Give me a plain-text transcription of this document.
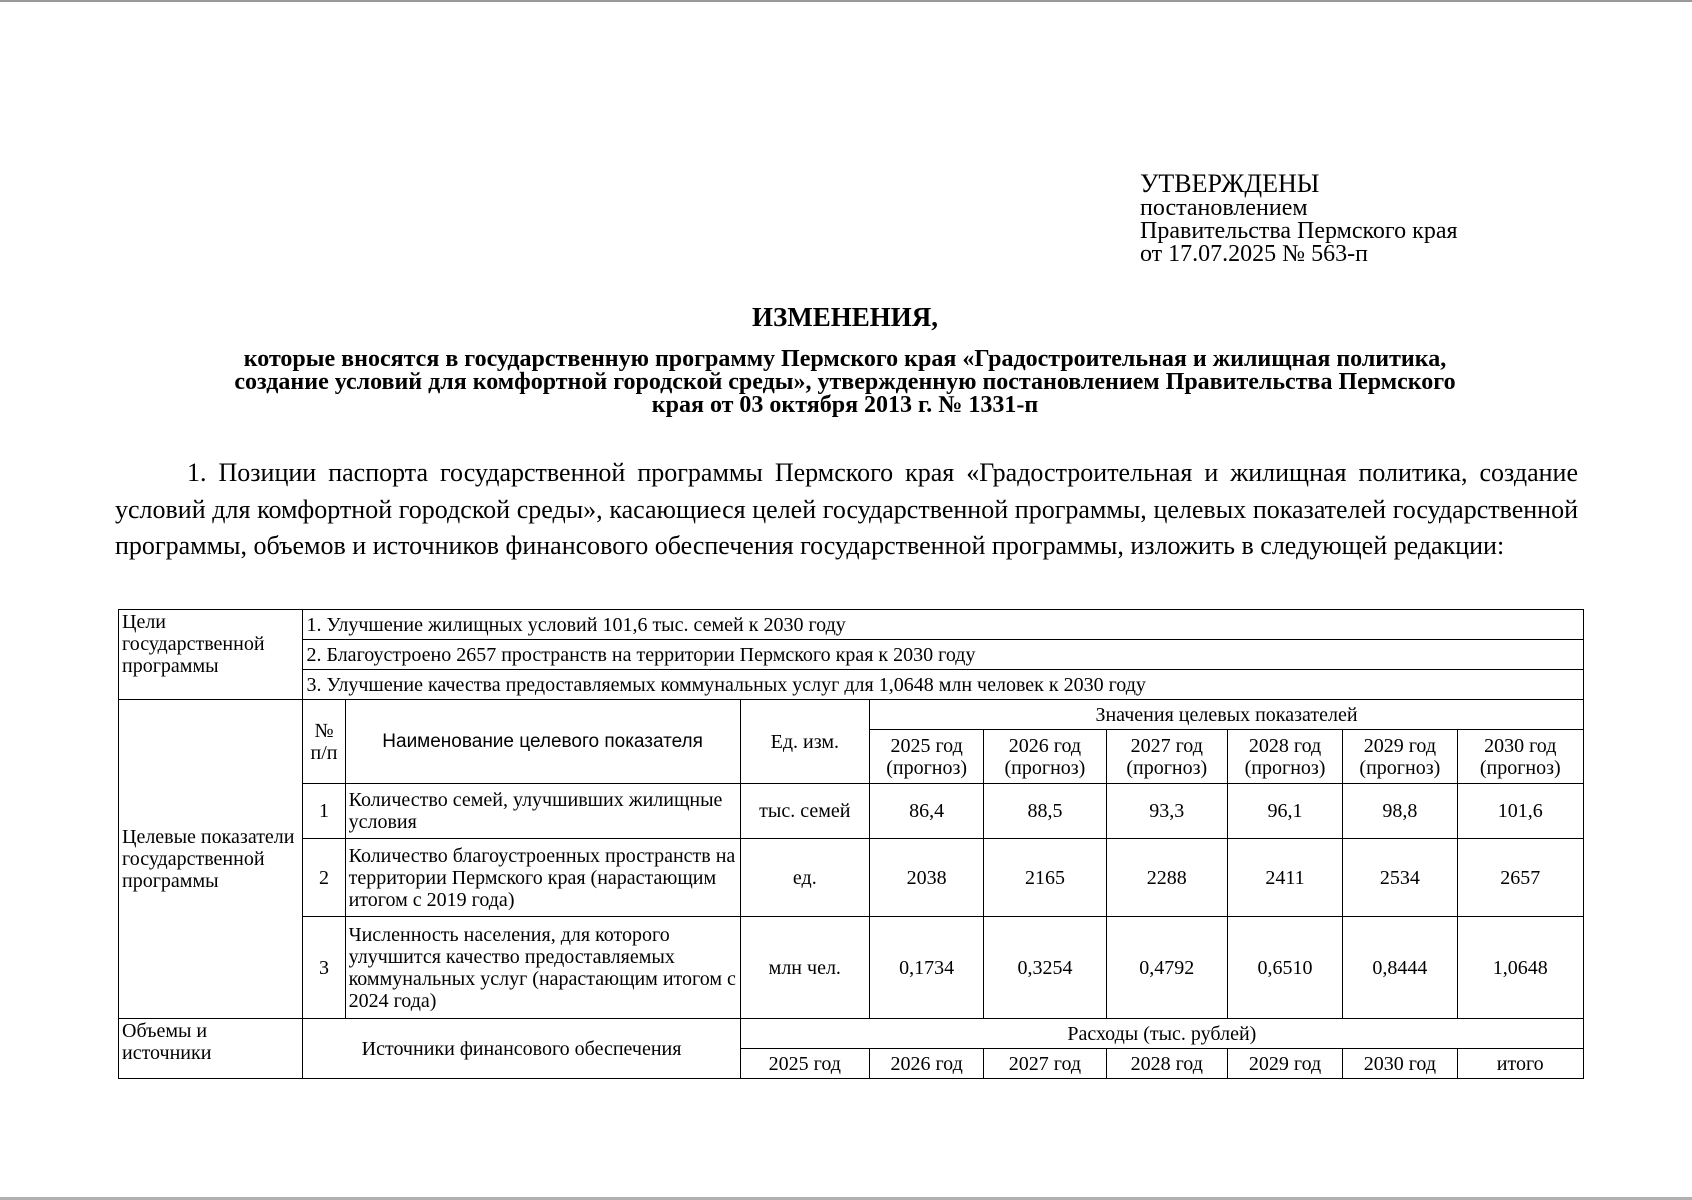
УТВЕРЖДЕНЫ
постановлением
Правительства Пермского края
от 17.07.2025 № 563-п
ИЗМЕНЕНИЯ,
которые вносятся в государственную программу Пермского края «Градостроительная и жилищная политика,
создание условий для комфортной городской среды», утвержденную постановлением Правительства Пермского
края от 03 октября 2013 г. № 1331-п
1. Позиции паспорта государственной программы Пермского края «Градостроительная и жилищная политика, создание условий для комфортной городской среды», касающиеся целей государственной программы, целевых показателей государственной программы, объемов и источников финансового обеспечения государственной программы, изложить в следующей редакции:
Цели государственной программы	1. Улучшение жилищных условий 101,6 тыс. семей к 2030 году								
	2. Благоустроено 2657 пространств на территории Пермского края к 2030 году								
	3. Улучшение качества предоставляемых коммунальных услуг для 1,0648 млн человек к 2030 году								
Целевые показатели государственной программы	№ п/п	Наименование целевого показателя	Ед. изм.	Значения целевых показателей					
				2025 год (прогноз)	2026 год (прогноз)	2027 год (прогноз)	2028 год (прогноз)	2029 год (прогноз)	2030 год (прогноз)
	1	Количество семей, улучшивших жилищные условия	тыс. семей	86,4	88,5	93,3	96,1	98,8	101,6
	2	Количество благоустроенных пространств на территории Пермского края (нарастающим итогом с 2019 года)	ед.	2038	2165	2288	2411	2534	2657
	3	Численность населения, для которого улучшится качество предоставляемых коммунальных услуг (нарастающим итогом с 2024 года)	млн чел.	0,1734	0,3254	0,4792	0,6510	0,8444	1,0648
Объемы и источники	Источники финансового обеспечения		Расходы (тыс. рублей)						
			2025 год	2026 год	2027 год	2028 год	2029 год	2030 год	итого
